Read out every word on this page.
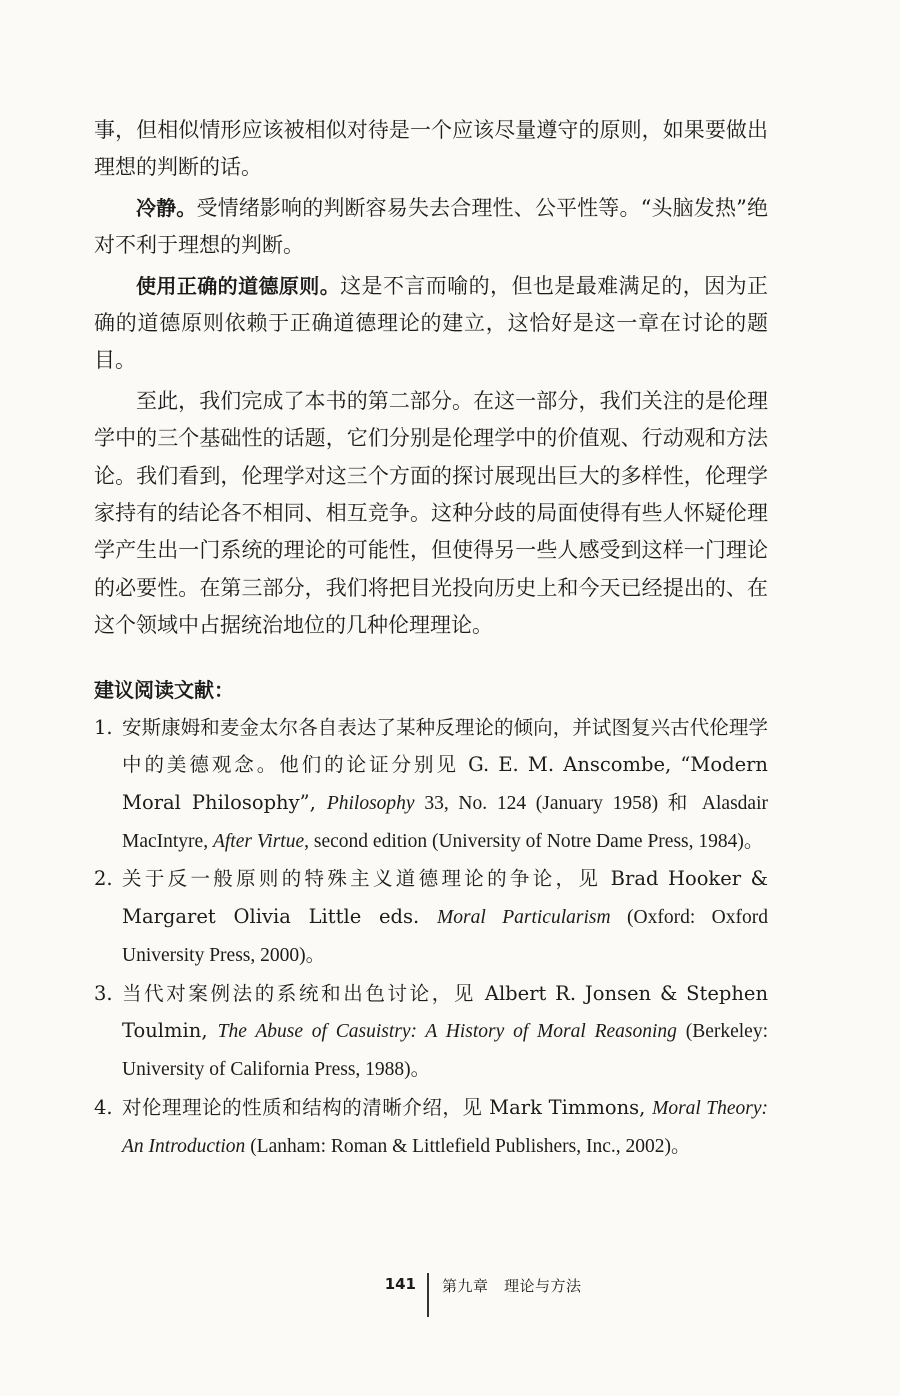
事，但相似情形应该被相似对待是一个应该尽量遵守的原则，如果要做出理想的判断的话。

冷静。受情绪影响的判断容易失去合理性、公平性等。“头脑发热”绝对不利于理想的判断。

使用正确的道德原则。这是不言而喻的，但也是最难满足的，因为正确的道德原则依赖于正确道德理论的建立，这恰好是这一章在讨论的题目。

至此，我们完成了本书的第二部分。在这一部分，我们关注的是伦理学中的三个基础性的话题，它们分别是伦理学中的价值观、行动观和方法论。我们看到，伦理学对这三个方面的探讨展现出巨大的多样性，伦理学家持有的结论各不相同、相互竞争。这种分歧的局面使得有些人怀疑伦理学产生出一门系统的理论的可能性，但使得另一些人感受到这样一门理论的必要性。在第三部分，我们将把目光投向历史上和今天已经提出的、在这个领域中占据统治地位的几种伦理理论。

建议阅读文献：

1. 安斯康姆和麦金太尔各自表达了某种反理论的倾向，并试图复兴古代伦理学中的美德观念。他们的论证分别见 G. E. M. Anscombe, “Modern Moral Philosophy”, Philosophy 33, No. 124 (January 1958) 和 Alasdair MacIntyre, After Virtue, second edition (University of Notre Dame Press, 1984)。

2. 关于反一般原则的特殊主义道德理论的争论，见 Brad Hooker & Margaret Olivia Little eds. Moral Particularism (Oxford: Oxford University Press, 2000)。

3. 当代对案例法的系统和出色讨论，见 Albert R. Jonsen & Stephen Toulmin, The Abuse of Casuistry: A History of Moral Reasoning (Berkeley: University of California Press, 1988)。

4. 对伦理理论的性质和结构的清晰介绍，见 Mark Timmons, Moral Theory: An Introduction (Lanham: Roman & Littlefield Publishers, Inc., 2002)。

141 第九章　理论与方法
